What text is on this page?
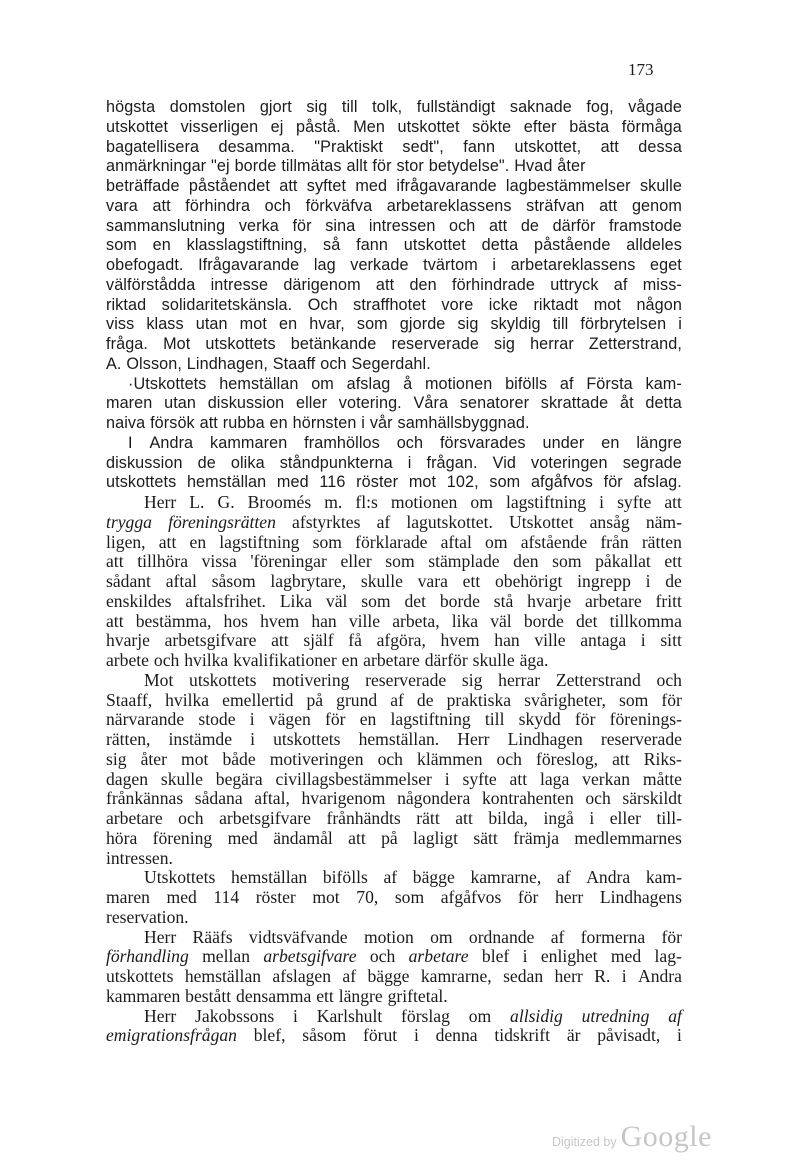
173
högsta domstolen gjort sig till tolk, fullständigt saknade fog, vågade
utskottet visserligen ej påstå. Men utskottet sökte efter bästa förmåga
bagatellisera desamma. "Praktiskt sedt", fann utskottet, att dessa
anmärkningar "ej borde tillmätas allt för stor betydelse". Hvad åter
beträffade påståendet att syftet med ifrågavarande lagbestämmelser skulle
vara att förhindra och förkväfva arbetareklassens sträfvan att genom
sammanslutning verka för sina intressen och att de därför framstode
som en klasslagstiftning, så fann utskottet detta påstående alldeles
obefogadt. Ifrågavarande lag verkade tvärtom i arbetareklassens eget
välförstådda intresse därigenom att den förhindrade uttryck af miss-
riktad solidaritetskänsla. Och straffhotet vore icke riktadt mot någon
viss klass utan mot en hvar, som gjorde sig skyldig till förbrytelsen i
fråga. Mot utskottets betänkande reserverade sig herrar Zetterstrand,
A. Olsson, Lindhagen, Staaff och Segerdahl.
·Utskottets hemställan om afslag å motionen bifölls af Första kam-
maren utan diskussion eller votering. Våra senatorer skrattade åt detta
naiva försök att rubba en hörnsten i vår samhällsbyggnad.
I Andra kammaren framhöllos och försvarades under en längre
diskussion de olika ståndpunkterna i frågan. Vid voteringen segrade
utskottets hemställan med 116 röster mot 102, som afgåfvos för afslag.
Herr L. G. Broomés m. fl:s motionen om lagstiftning i syfte att
trygga föreningsrätten afstyrktes af lagutskottet. Utskottet ansåg näm-
ligen, att en lagstiftning som förklarade aftal om afstående från rätten
att tillhöra vissa 'föreningar eller som stämplade den som påkallat ett
sådant aftal såsom lagbrytare, skulle vara ett obehörigt ingrepp i de
enskildes aftalsfrihet. Lika väl som det borde stå hvarje arbetare fritt
att bestämma, hos hvem han ville arbeta, lika väl borde det tillkomma
hvarje arbetsgifvare att själf få afgöra, hvem han ville antaga i sitt
arbete och hvilka kvalifikationer en arbetare därför skulle äga.
Mot utskottets motivering reserverade sig herrar Zetterstrand och
Staaff, hvilka emellertid på grund af de praktiska svårigheter, som för
närvarande stode i vägen för en lagstiftning till skydd för förenings-
rätten, instämde i utskottets hemställan. Herr Lindhagen reserverade
sig åter mot både motiveringen och klämmen och föreslog, att Riks-
dagen skulle begära civillagsbestämmelser i syfte att laga verkan måtte
frånkännas sådana aftal, hvarigenom någondera kontrahenten och särskildt
arbetare och arbetsgifvare frånhändts rätt att bilda, ingå i eller till-
höra förening med ändamål att på lagligt sätt främja medlemmarnes
intressen.
Utskottets hemställan bifölls af bägge kamrarne, af Andra kam-
maren med 114 röster mot 70, som afgåfvos för herr Lindhagens
reservation.
Herr Rääfs vidtsväfvande motion om ordnande af formerna för
förhandling mellan arbetsgifvare och arbetare blef i enlighet med lag-
utskottets hemställan afslagen af bägge kamrarne, sedan herr R. i Andra
kammaren bestått densamma ett längre griftetal.
Herr Jakobssons i Karlshult förslag om allsidig utredning af
emigrationsfrågan blef, såsom förut i denna tidskrift är påvisadt, i
Digitized by Google
